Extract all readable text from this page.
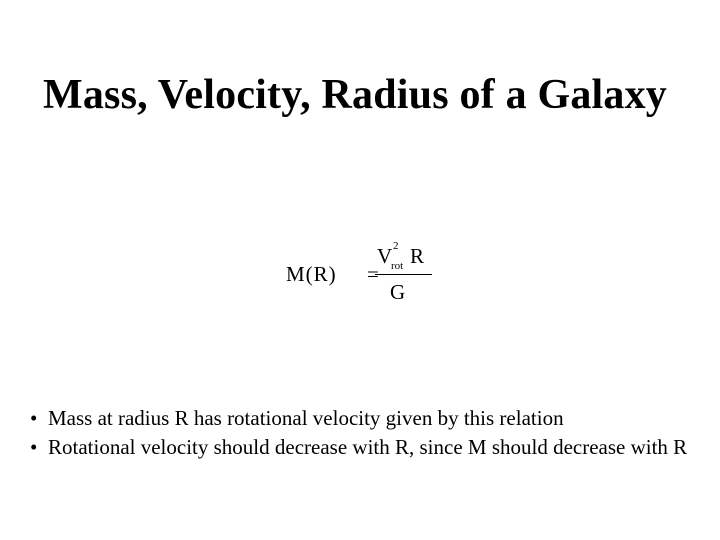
Mass, Velocity, Radius of a Galaxy
M(R) =
V 2
rot R
G
• Mass at radius R has rotational velocity given by this relation
• Rotational velocity should decrease with R, since M should decrease with R
